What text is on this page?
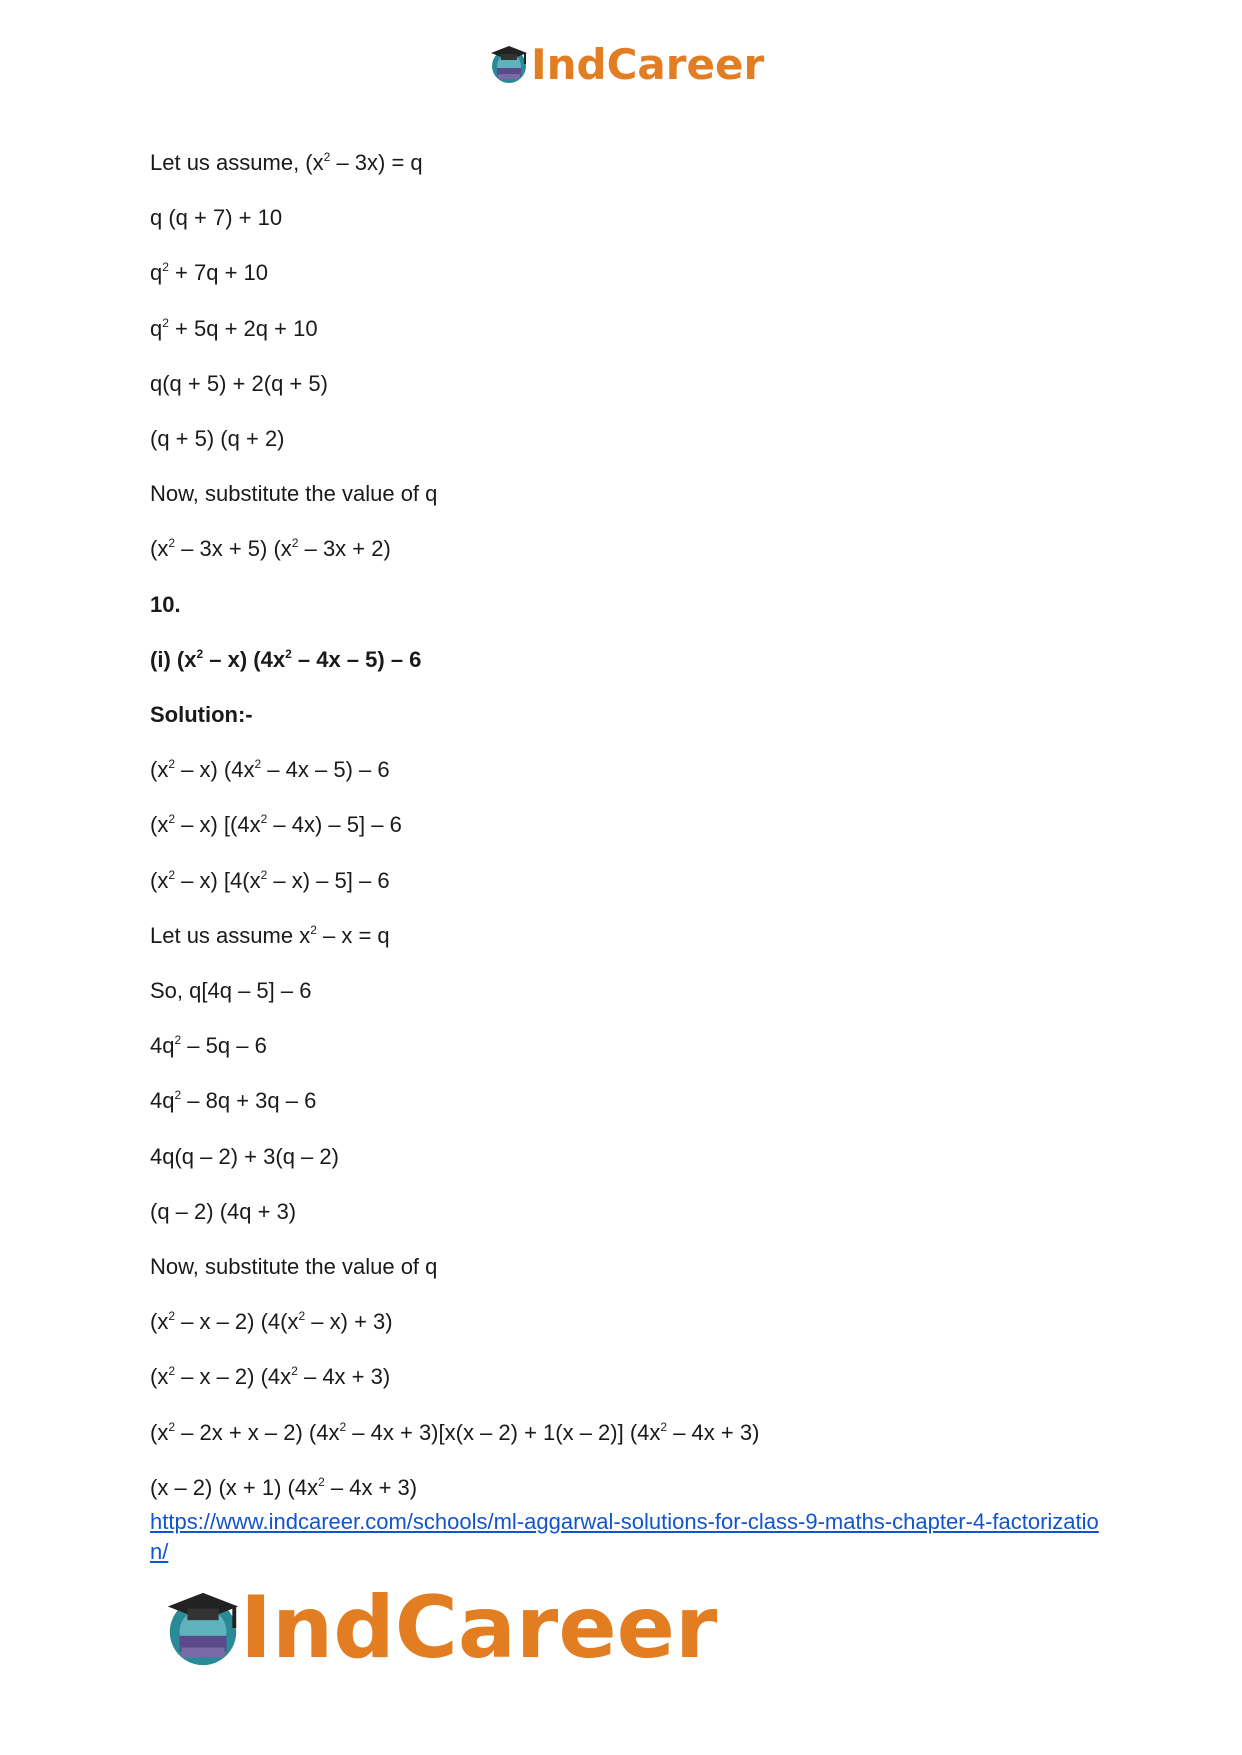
IndCareer
Let us assume, $(x^2 - 3x) = q$
q (q + 7) + 10
$q^2 + 7q + 10$
$q^2 + 5q + 2q + 10$
q(q + 5) + 2(q + 5)
(q + 5) (q + 2)
Now, substitute the value of q
$(x^2 - 3x + 5)$ $(x^2 - 3x + 2)$
10.
(i) $(x^2 - x)$ $(4x^2 - 4x - 5) - 6$
Solution:-
$(x^2 - x)$ $(4x^2 - 4x - 5) - 6$
$(x^2 - x)$ $[(4x^2 - 4x) - 5] - 6$
$(x^2 - x)$ $[4(x^2 - x) - 5] - 6$
Let us assume $x^2 - x = q$
So, q[4q – 5] – 6
$4q^2 - 5q - 6$
$4q^2 - 8q + 3q - 6$
4q(q – 2) + 3(q – 2)
(q – 2) (4q + 3)
Now, substitute the value of q
($x^2$ – x – 2) $(4(x^2 - x) + 3)$
($x^2$ – x – 2) $(4x^2 - 4x + 3)$
$(x^2 - 2x + x - 2)$ $(4x^2 - 4x + 3)[x(x - 2) + 1(x - 2)]$ $(4x^2 - 4x + 3)$
(x – 2) (x + 1) $(4x^2 - 4x + 3)$
https://www.indcareer.com/schools/ml-aggarwal-solutions-for-class-9-maths-chapter-4-factorization/
IndCareer
